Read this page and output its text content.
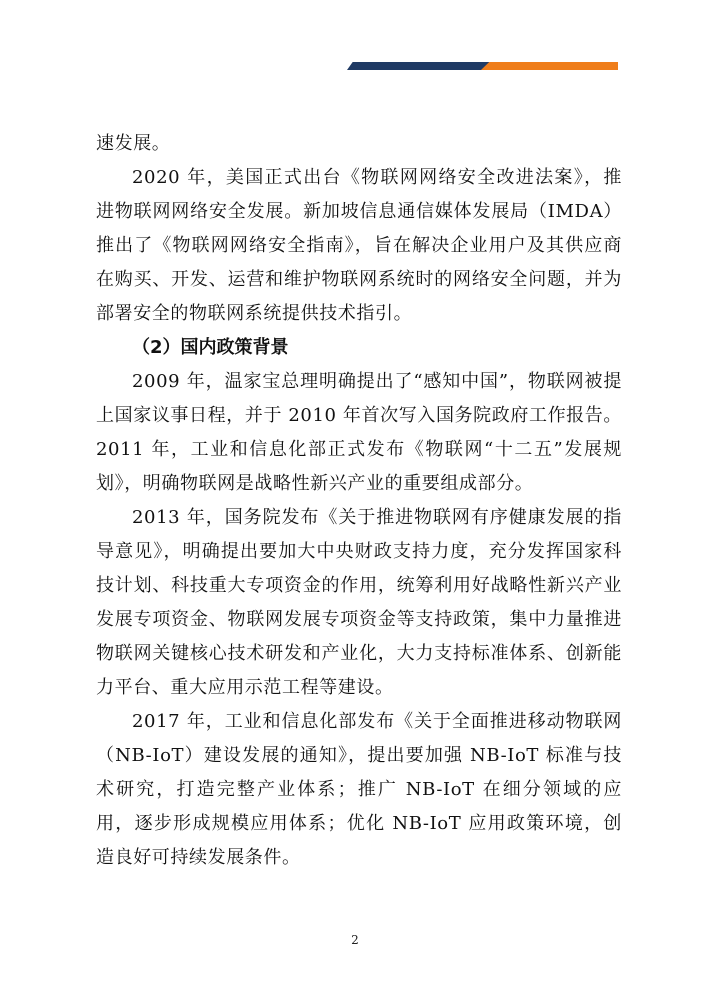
速发展。

2020 年，美国正式出台《物联网网络安全改进法案》，推进物联网网络安全发展。新加坡信息通信媒体发展局（IMDA）推出了《物联网网络安全指南》，旨在解决企业用户及其供应商在购买、开发、运营和维护物联网系统时的网络安全问题，并为部署安全的物联网系统提供技术指引。

（2）国内政策背景

2009 年，温家宝总理明确提出了“感知中国”，物联网被提上国家议事日程，并于 2010 年首次写入国务院政府工作报告。2011 年，工业和信息化部正式发布《物联网“十二五”发展规划》，明确物联网是战略性新兴产业的重要组成部分。

2013 年，国务院发布《关于推进物联网有序健康发展的指导意见》，明确提出要加大中央财政支持力度，充分发挥国家科技计划、科技重大专项资金的作用，统筹利用好战略性新兴产业发展专项资金、物联网发展专项资金等支持政策，集中力量推进物联网关键核心技术研发和产业化，大力支持标准体系、创新能力平台、重大应用示范工程等建设。

2017 年，工业和信息化部发布《关于全面推进移动物联网（NB-IoT）建设发展的通知》，提出要加强 NB-IoT 标准与技术研究，打造完整产业体系；推广 NB-IoT 在细分领域的应用，逐步形成规模应用体系；优化 NB-IoT 应用政策环境，创造良好可持续发展条件。

2
